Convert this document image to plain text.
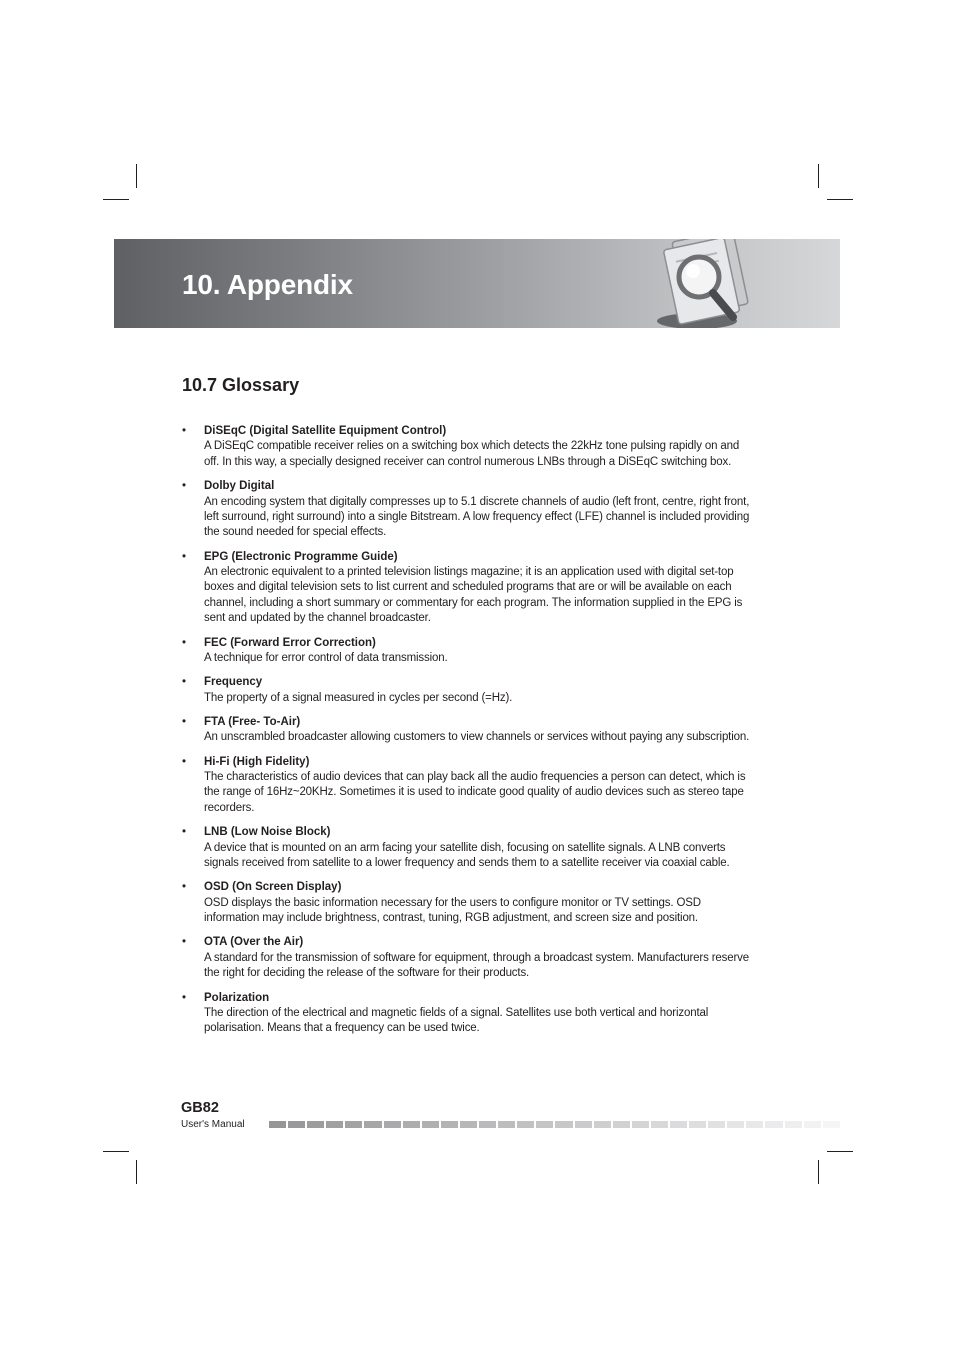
10. Appendix
10.7 Glossary
• DiSEqC (Digital Satellite Equipment Control)

A DiSEqC compatible receiver relies on a switching box which detects the 22kHz tone pulsing rapidly on and off. In this way, a specially designed receiver can control numerous LNBs through a DiSEqC switching box.

• Dolby Digital

An encoding system that digitally compresses up to 5.1 discrete channels of audio (left front, centre, right front, left surround, right surround) into a single Bitstream. A low frequency effect (LFE) channel is included providing the sound needed for special effects.

• EPG (Electronic Programme Guide)

An electronic equivalent to a printed television listings magazine; it is an application used with digital set-top boxes and digital television sets to list current and scheduled programs that are or will be available on each channel, including a short summary or commentary for each program. The information supplied in the EPG is sent and updated by the channel broadcaster.

• FEC (Forward Error Correction)

A technique for error control of data transmission.

• Frequency

The property of a signal measured in cycles per second (=Hz).

• FTA (Free- To-Air)

An unscrambled broadcaster allowing customers to view channels or services without paying any subscription.

• Hi-Fi (High Fidelity)

The characteristics of audio devices that can play back all the audio frequencies a person can detect, which is the range of 16Hz~20KHz. Sometimes it is used to indicate good quality of audio devices such as stereo tape recorders.

• LNB (Low Noise Block)

A device that is mounted on an arm facing your satellite dish, focusing on satellite signals. A LNB converts signals received from satellite to a lower frequency and sends them to a satellite receiver via coaxial cable.

• OSD (On Screen Display)

OSD displays the basic information necessary for the users to configure monitor or TV settings. OSD information may include brightness, contrast, tuning, RGB adjustment, and screen size and position.

• OTA (Over the Air)

A standard for the transmission of software for equipment, through a broadcast system. Manufacturers reserve the right for deciding the release of the software for their products.

• Polarization

The direction of the electrical and magnetic fields of a signal. Satellites use both vertical and horizontal polarisation. Means that a frequency can be used twice.

GB82

User's Manual
